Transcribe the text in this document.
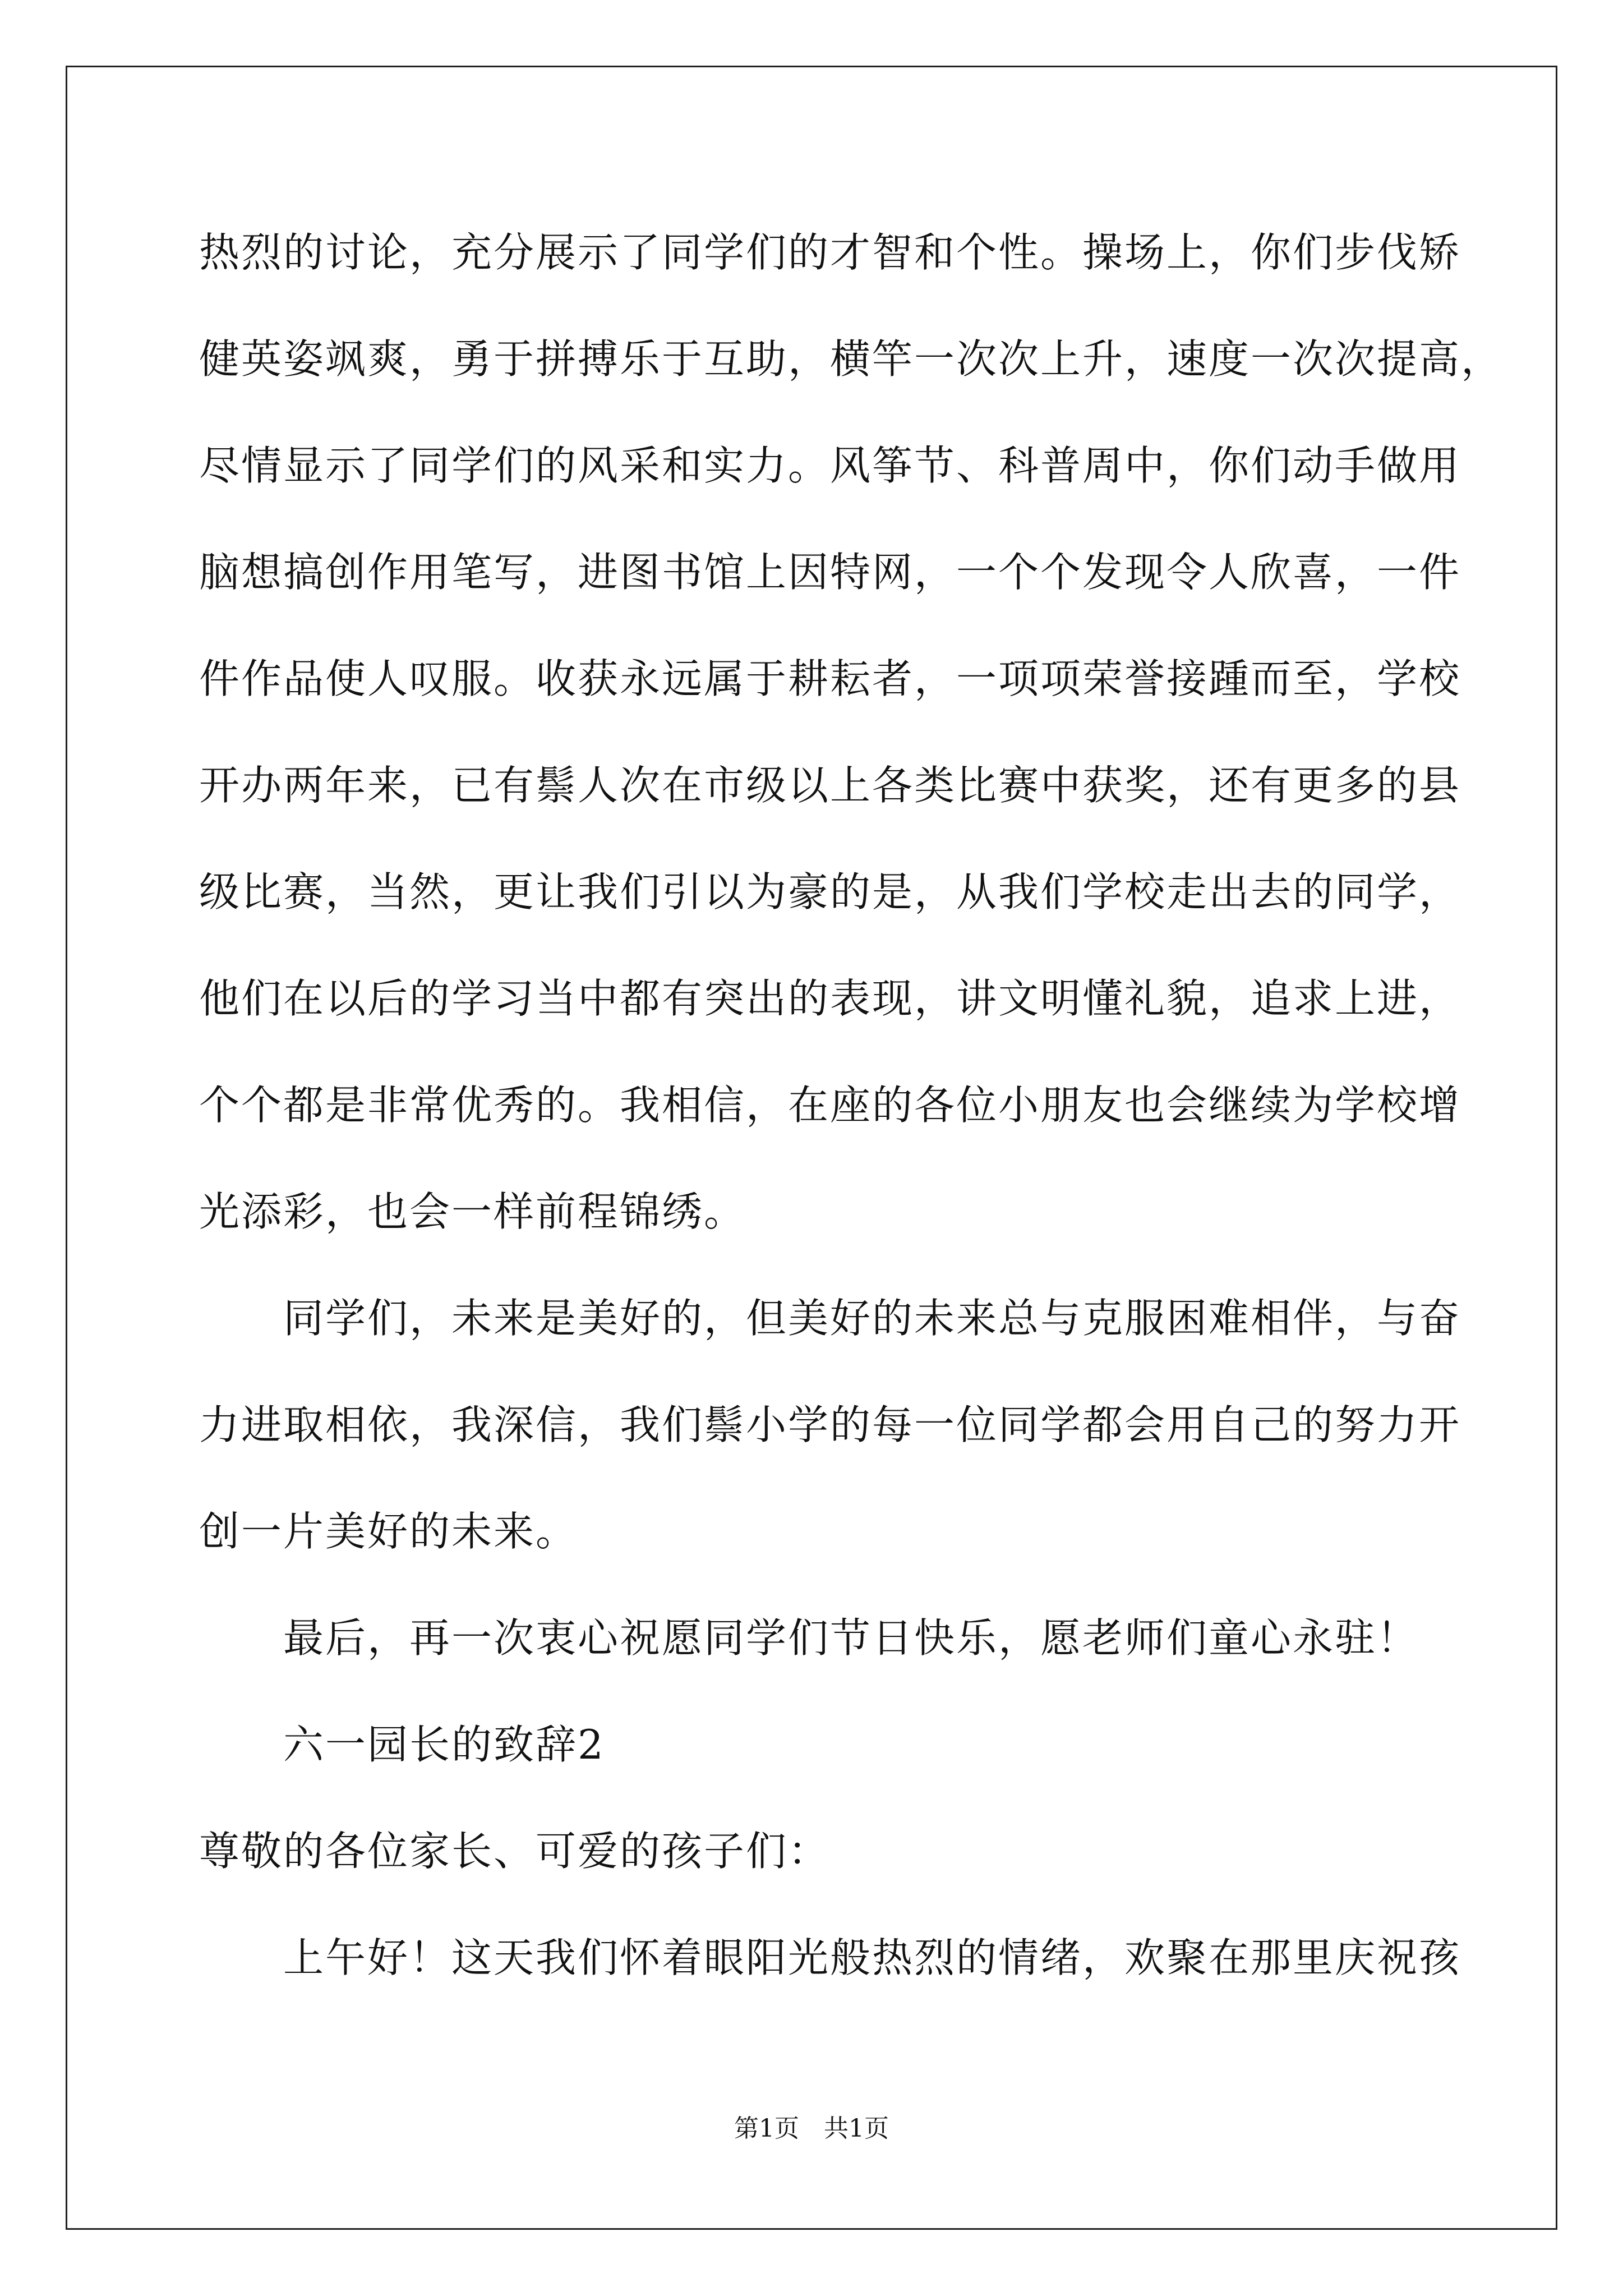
热烈的讨论，充分展示了同学们的才智和个性。操场上，你们步伐矫
健英姿飒爽，勇于拼搏乐于互助，横竿一次次上升，速度一次次提高，
尽情显示了同学们的风采和实力。风筝节、科普周中，你们动手做用
脑想搞创作用笔写，进图书馆上因特网，一个个发现令人欣喜，一件
件作品使人叹服。收获永远属于耕耘者，一项项荣誉接踵而至，学校
开办两年来，已有鬃人次在市级以上各类比赛中获奖，还有更多的县
级比赛，当然，更让我们引以为豪的是，从我们学校走出去的同学，
他们在以后的学习当中都有突出的表现，讲文明懂礼貌，追求上进，
个个都是非常优秀的。我相信，在座的各位小朋友也会继续为学校增
光添彩，也会一样前程锦绣。
同学们，未来是美好的，但美好的未来总与克服困难相伴，与奋
力进取相依，我深信，我们鬃小学的每一位同学都会用自己的努力开
创一片美好的未来。
最后，再一次衷心祝愿同学们节日快乐，愿老师们童心永驻！
六一园长的致辞2
尊敬的各位家长、可爱的孩子们：
上午好！这天我们怀着眼阳光般热烈的情绪，欢聚在那里庆祝孩
第1页　共1页
